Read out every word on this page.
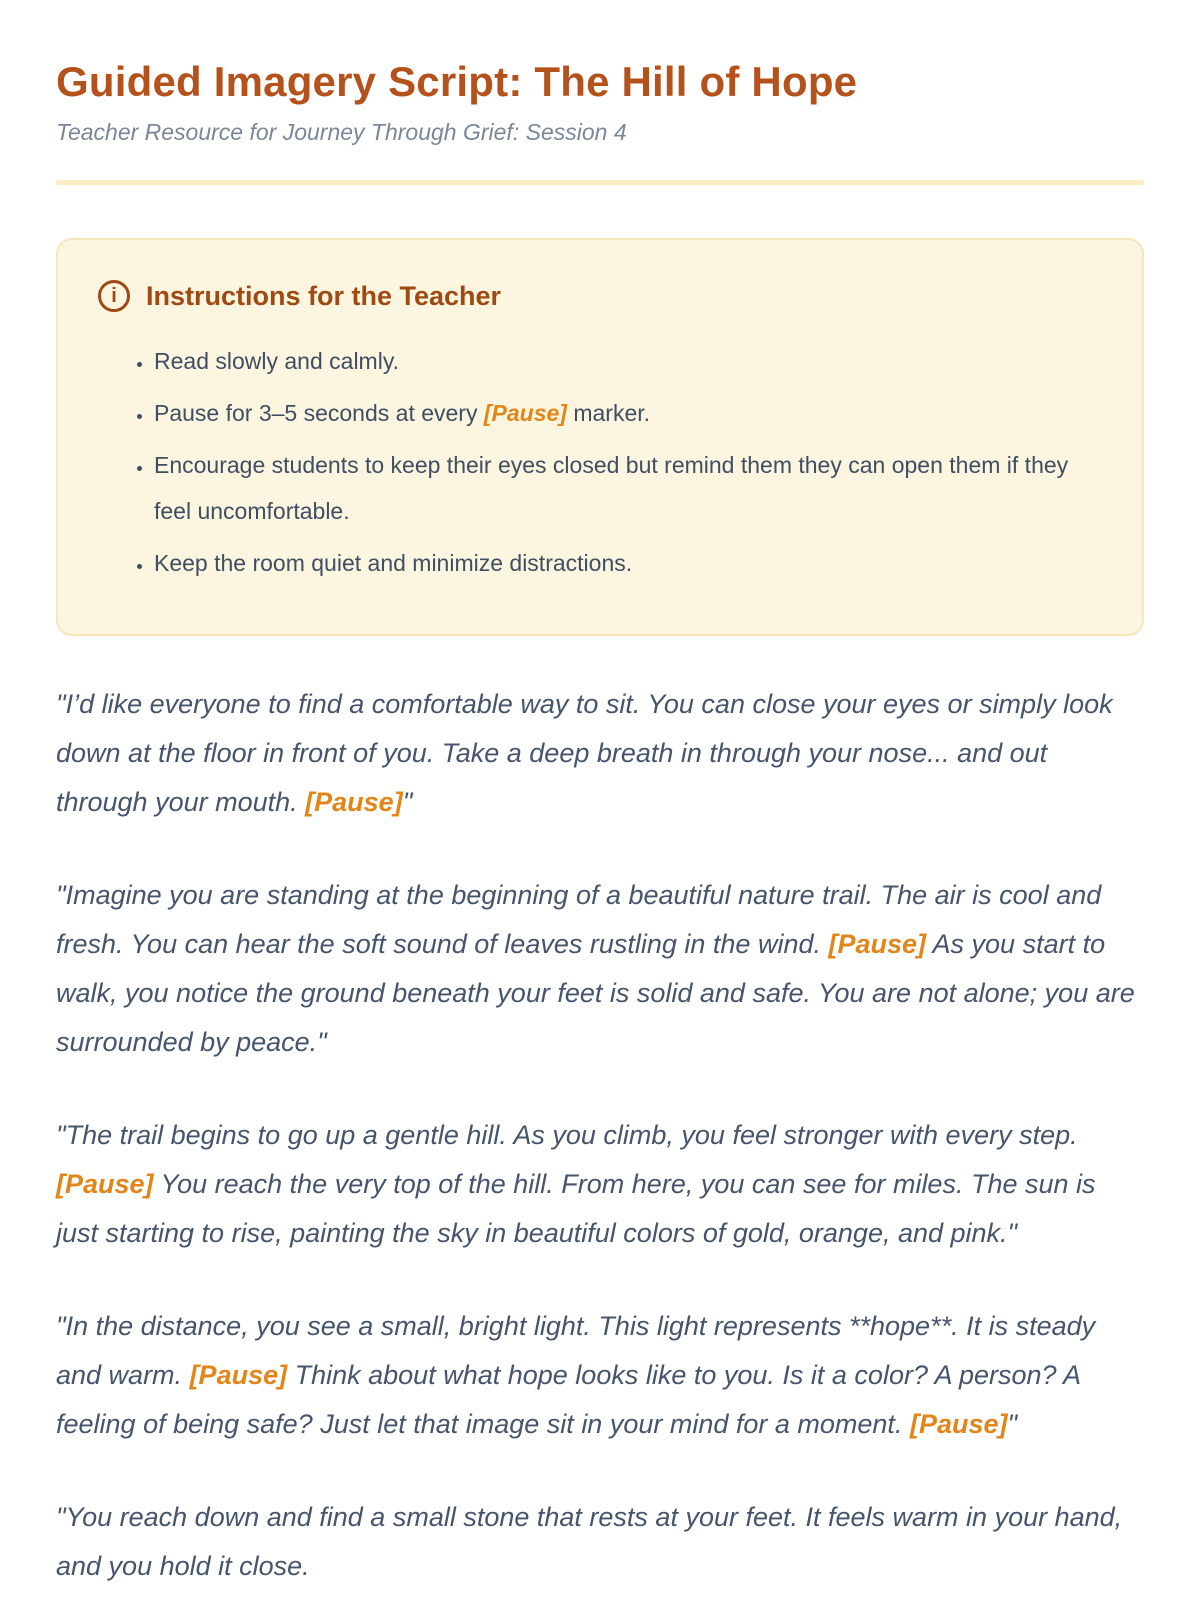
Guided Imagery Script: The Hill of Hope

Teacher Resource for Journey Through Grief: Session 4

i	Instructions for the Teacher
• Read slowly and calmly.
• Pause for 3–5 seconds at every [Pause] marker.
• Encourage students to keep their eyes closed but remind them they can open them if they feel uncomfortable.
• Keep the room quiet and minimize distractions.

"I’d like everyone to find a comfortable way to sit. You can close your eyes or simply look down at the floor in front of you. Take a deep breath in through your nose... and out through your mouth. [Pause]"

"Imagine you are standing at the beginning of a beautiful nature trail. The air is cool and fresh. You can hear the soft sound of leaves rustling in the wind. [Pause] As you start to walk, you notice the ground beneath your feet is solid and safe. You are not alone; you are surrounded by peace."

"The trail begins to go up a gentle hill. As you climb, you feel stronger with every step. [Pause] You reach the very top of the hill. From here, you can see for miles. The sun is just starting to rise, painting the sky in beautiful colors of gold, orange, and pink."

"In the distance, you see a small, bright light. This light represents **hope**. It is steady and warm. [Pause] Think about what hope looks like to you. Is it a color? A person? A feeling of being safe? Just let that image sit in your mind for a moment. [Pause]"

"You reach down and find a small stone that rests at your feet. It feels warm in your hand, and you hold it close.
